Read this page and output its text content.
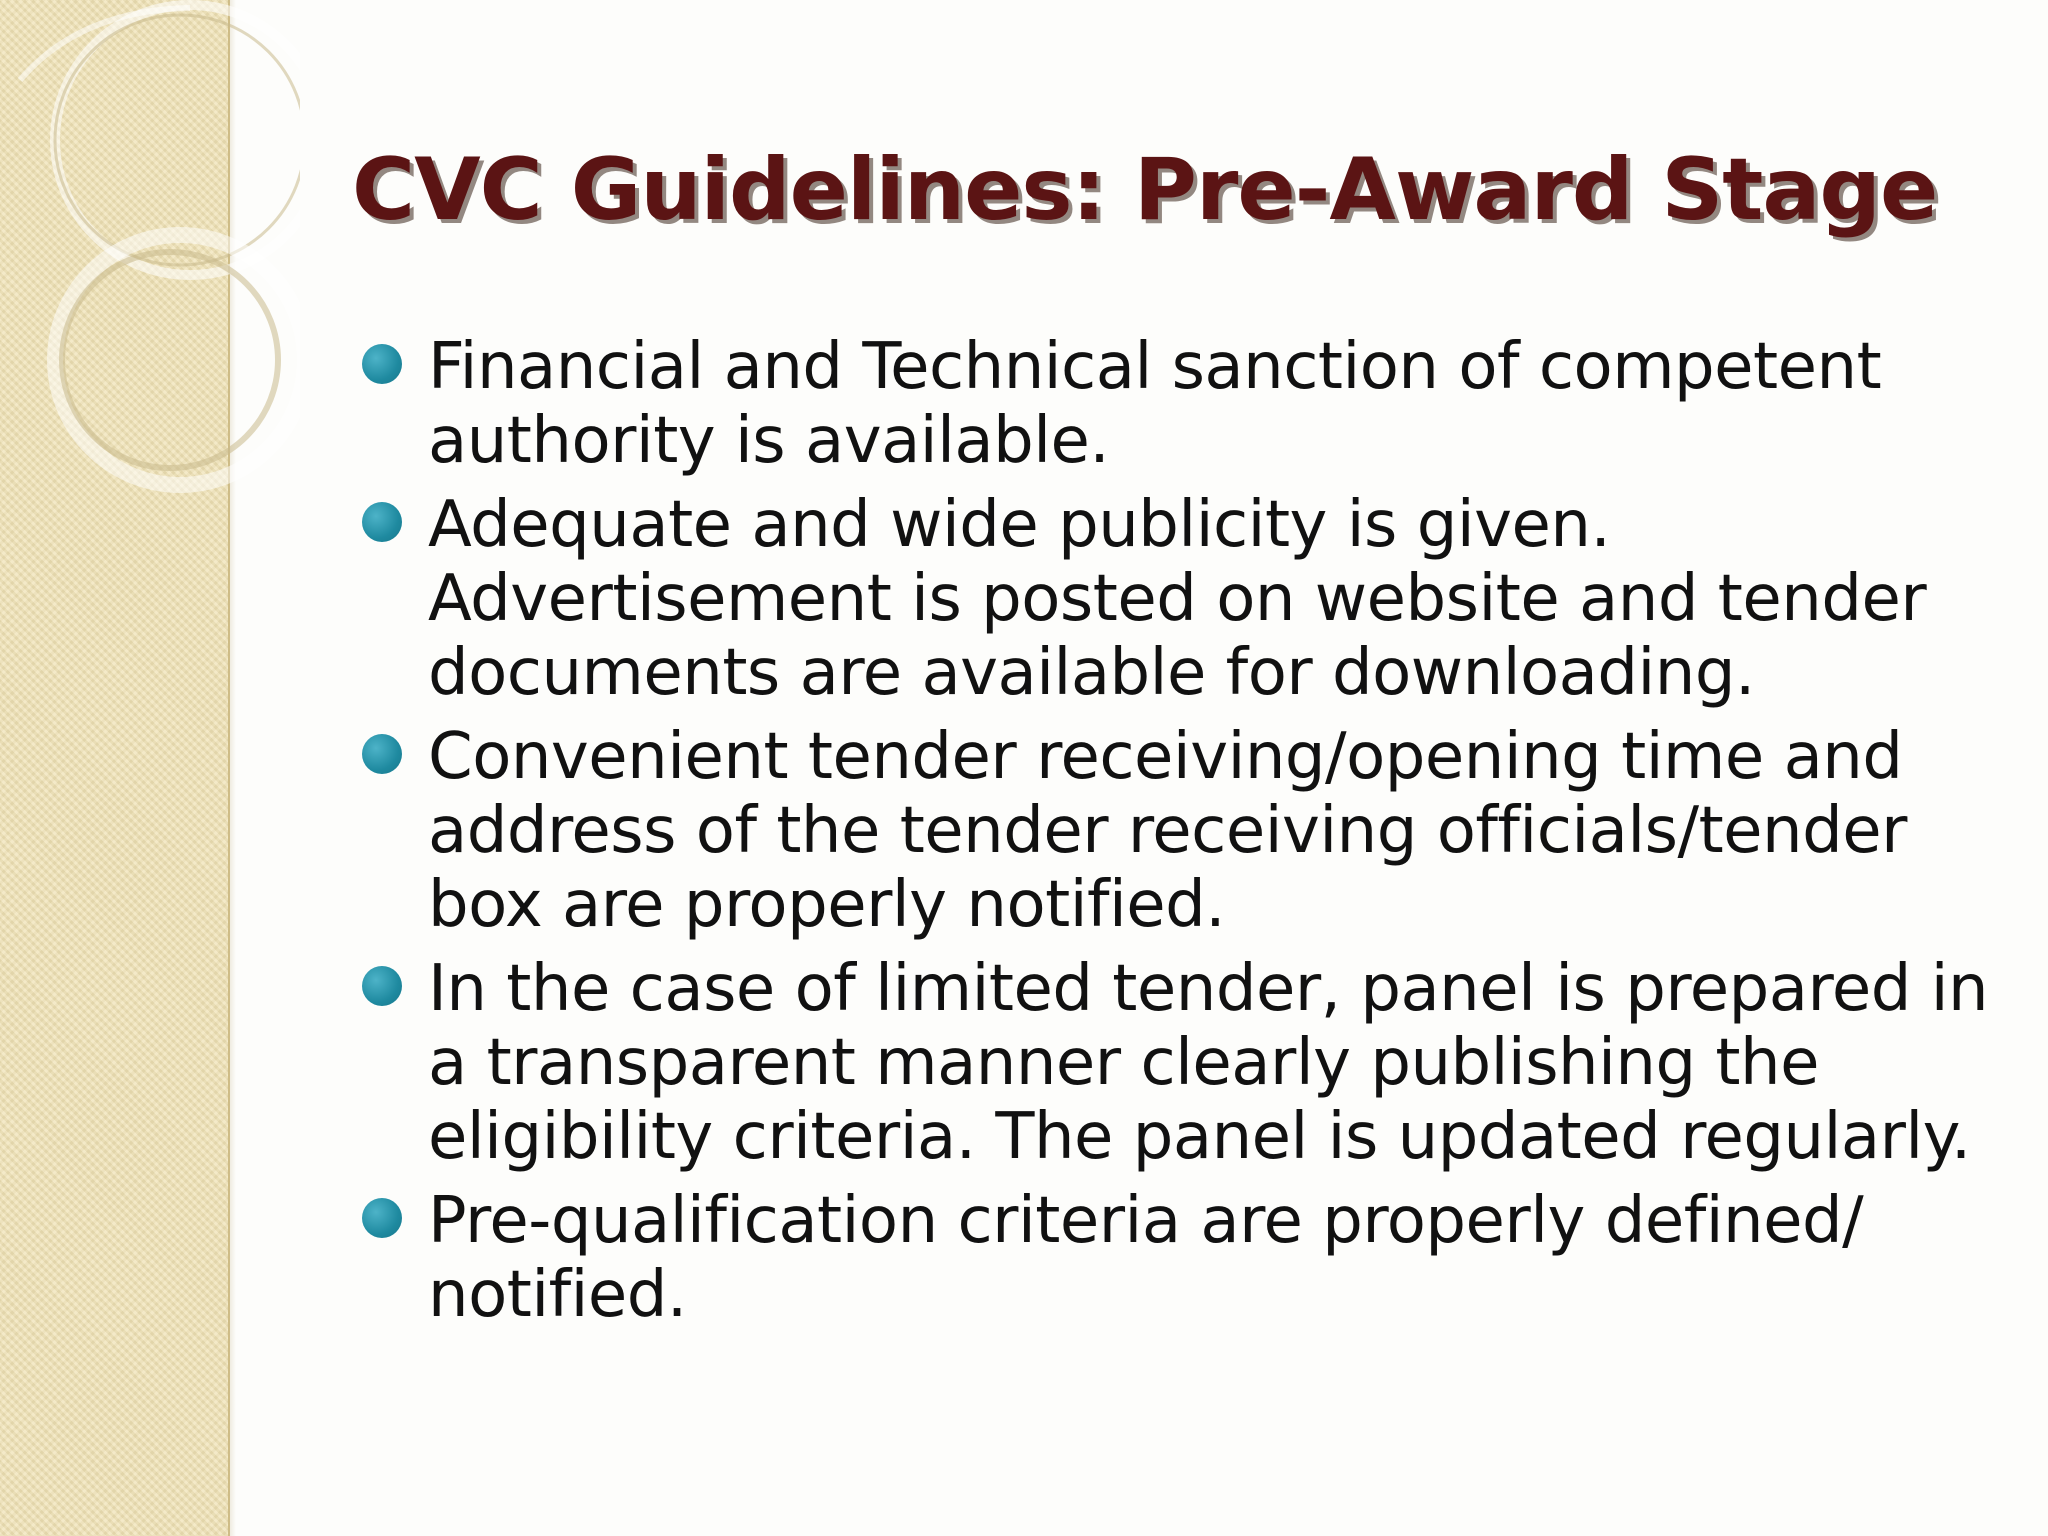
CVC Guidelines: Pre-Award Stage
Financial and Technical sanction of competent authority is available.
Adequate and wide publicity is given. Advertisement is posted on website and tender documents are available for downloading.
Convenient tender receiving/opening time and address of the tender receiving officials/tender box are properly notified.
In the case of limited tender, panel is prepared in a transparent manner clearly publishing the eligibility criteria. The panel is updated regularly.
Pre-qualification criteria are properly defined/ notified.
